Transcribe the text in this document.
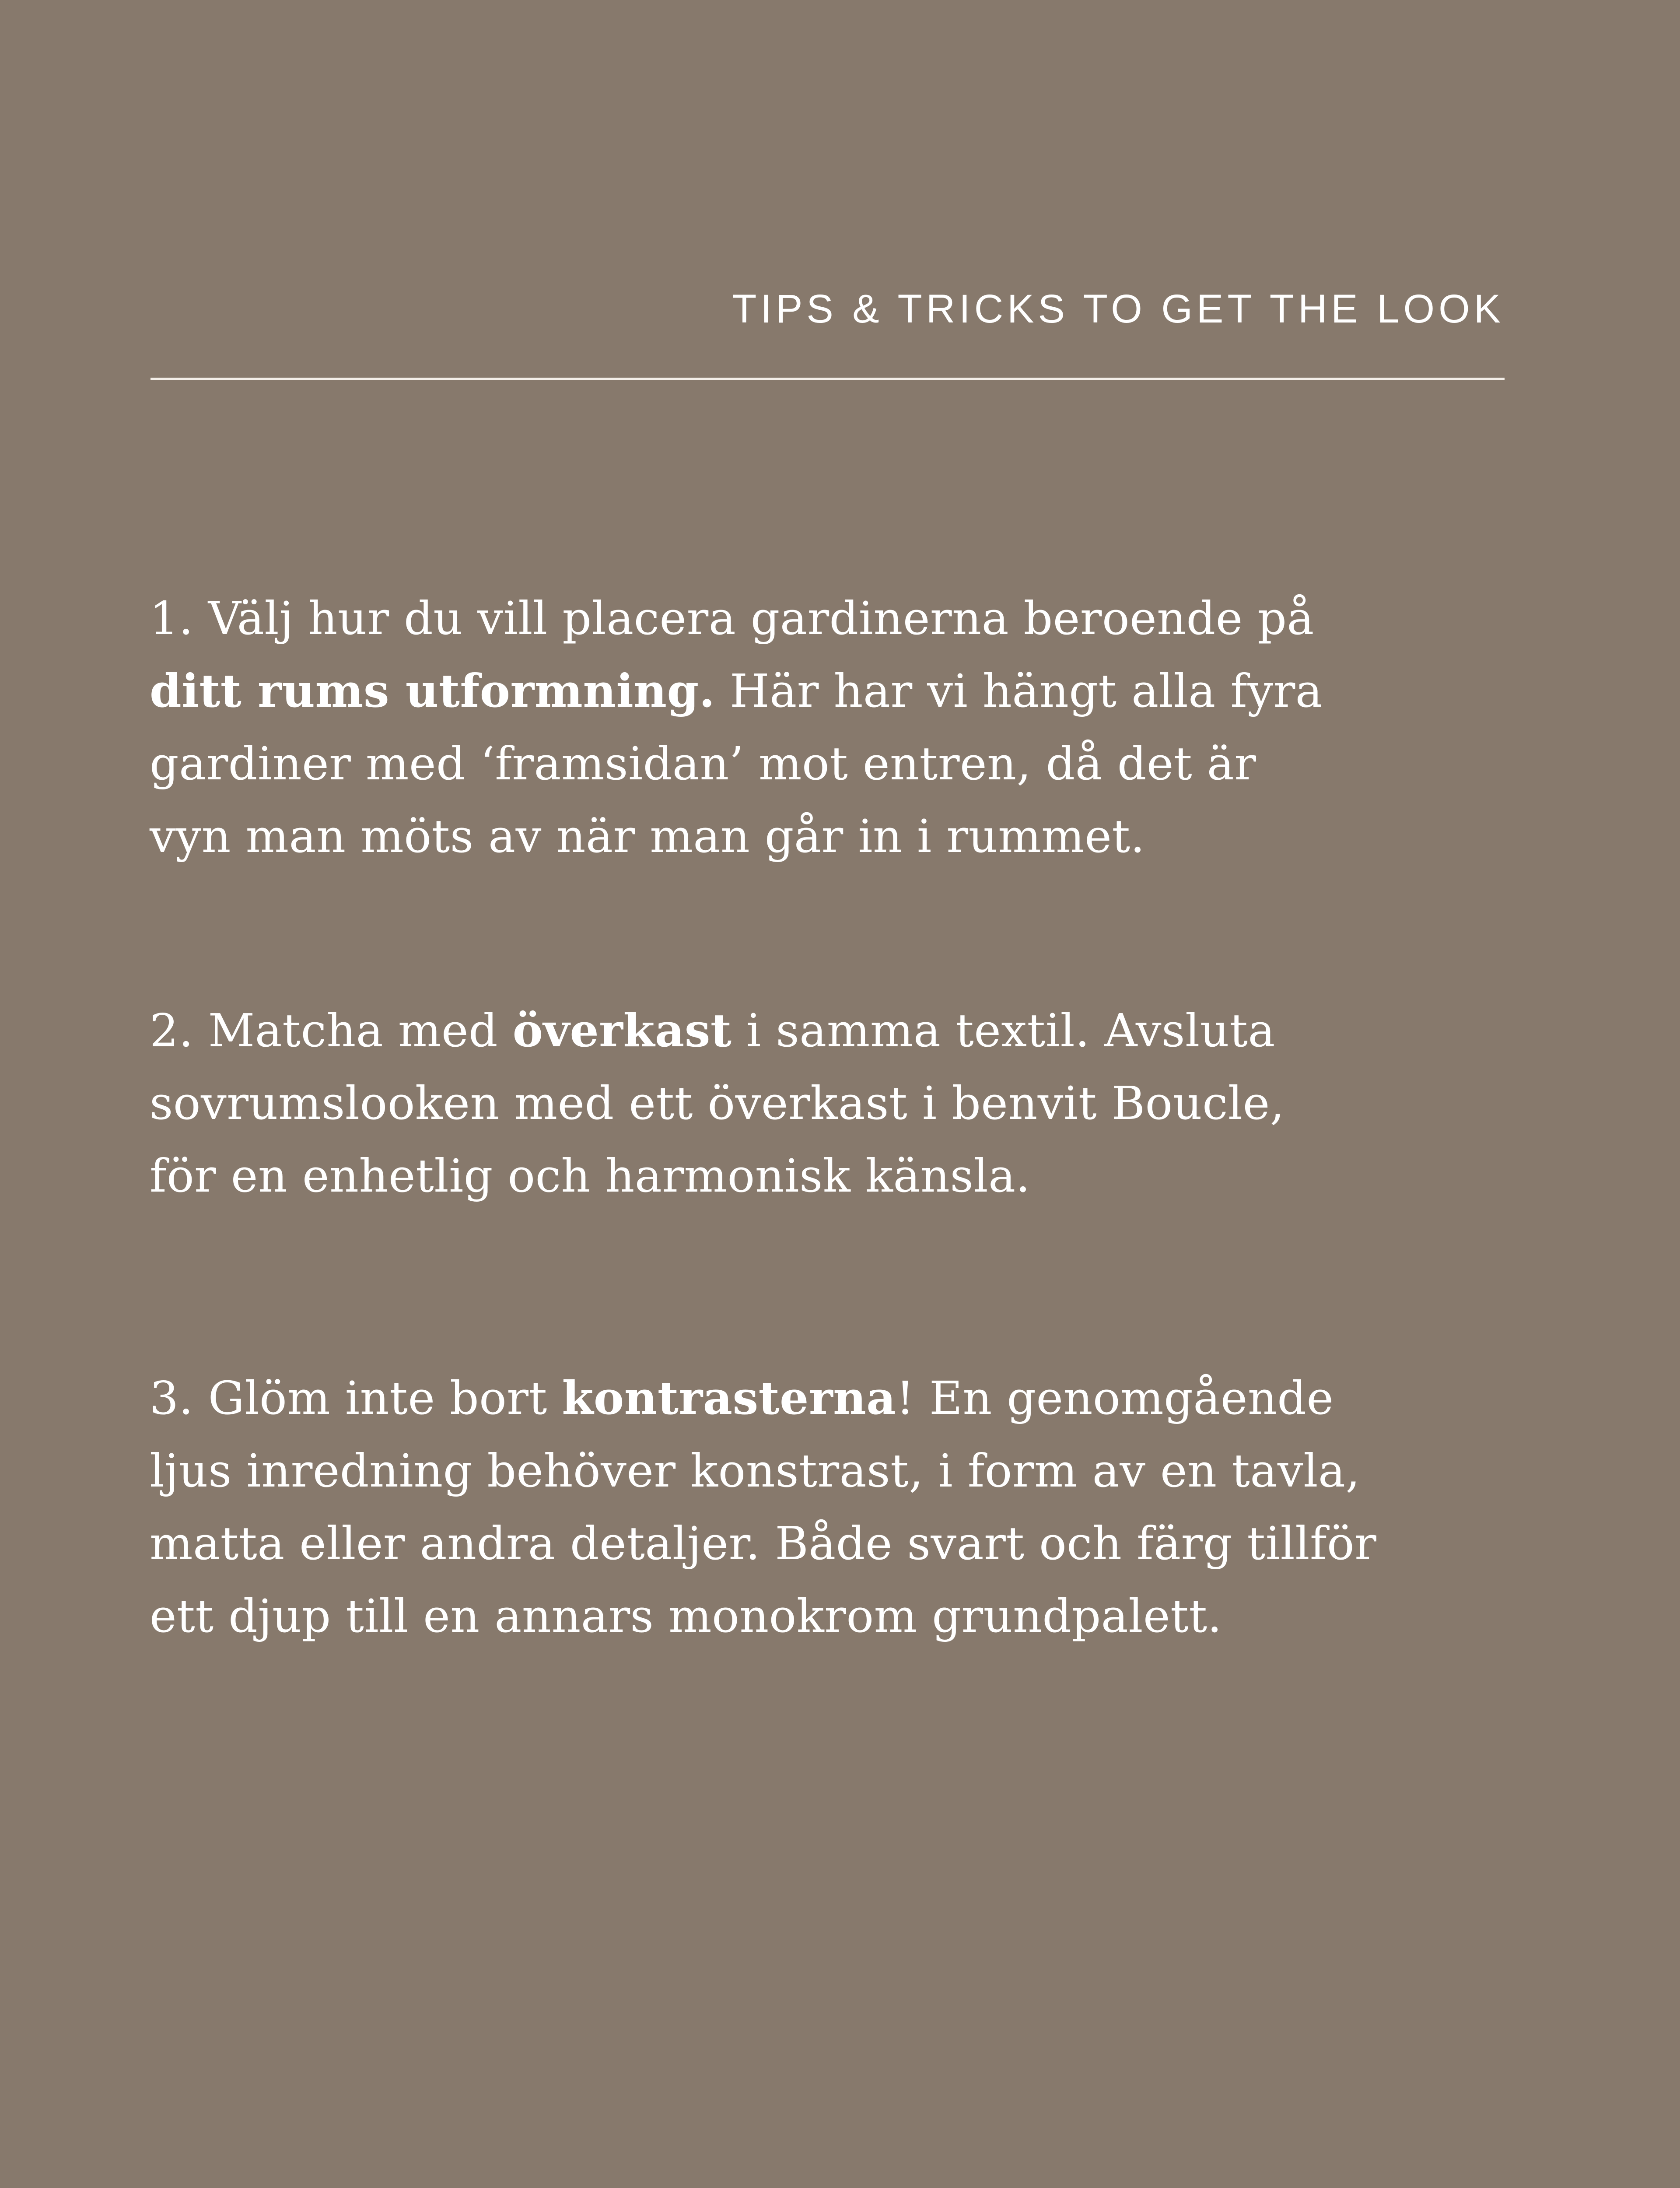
TIPS & TRICKS TO GET THE LOOK
1. Välj hur du vill placera gardinerna beroende på
ditt rums utformning. Här har vi hängt alla fyra
gardiner med ‘framsidan’ mot entren, då det är
vyn man möts av när man går in i rummet.
2. Matcha med överkast i samma textil. Avsluta
sovrumslooken med ett överkast i benvit Boucle,
för en enhetlig och harmonisk känsla.
3. Glöm inte bort kontrasterna! En genomgående
ljus inredning behöver konstrast, i form av en tavla,
matta eller andra detaljer. Både svart och färg tillför
ett djup till en annars monokrom grundpalett.
